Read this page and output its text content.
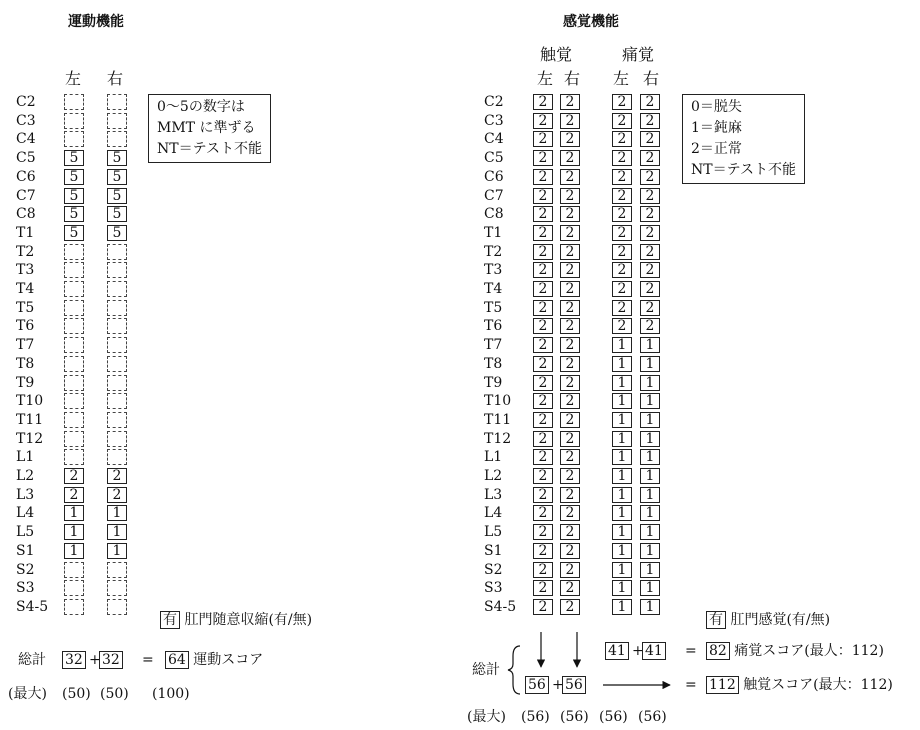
運動機能
左 右
C2
C3
C4
C5	5	5
C6	5	5
C7	5	5
C8	5	5
T1	5	5
T2
T3
T4
T5
T6
T7
T8
T9
T10
T11
T12
L1
L2	2	2
L3	2	2
L4	1	1
L5	1	1
S1	1	1
S2
S3
S4-5
0～5の数字は
MMT に準ずる
NT＝テスト不能
有 肛門随意収縮(有/無)
総計 32 + 32 = 64 運動スコア
(最大) (50) (50) (100)
感覚機能
触覚	痛覚
左 右 左 右
C2	2	2	2	2
C3	2	2	2	2
C4	2	2	2	2
C5	2	2	2	2
C6	2	2	2	2
C7	2	2	2	2
C8	2	2	2	2
T1	2	2	2	2
T2	2	2	2	2
T3	2	2	2	2
T4	2	2	2	2
T5	2	2	2	2
T6	2	2	2	2
T7	2	2	1	1
T8	2	2	1	1
T9	2	2	1	1
T10	2	2	1	1
T11	2	2	1	1
T12	2	2	1	1
L1	2	2	1	1
L2	2	2	1	1
L3	2	2	1	1
L4	2	2	1	1
L5	2	2	1	1
S1	2	2	1	1
S2	2	2	1	1
S3	2	2	1	1
S4-5	2	2	1	1
0＝脱失
1＝鈍麻
2＝正常
NT＝テスト不能
有 肛門感覚(有/無)
総計
41 + 41 = 82 痛覚スコア(最人：112)
56 + 56	= 112 触覚スコア(最大：112)
(最大) (56) (56) (56) (56)
